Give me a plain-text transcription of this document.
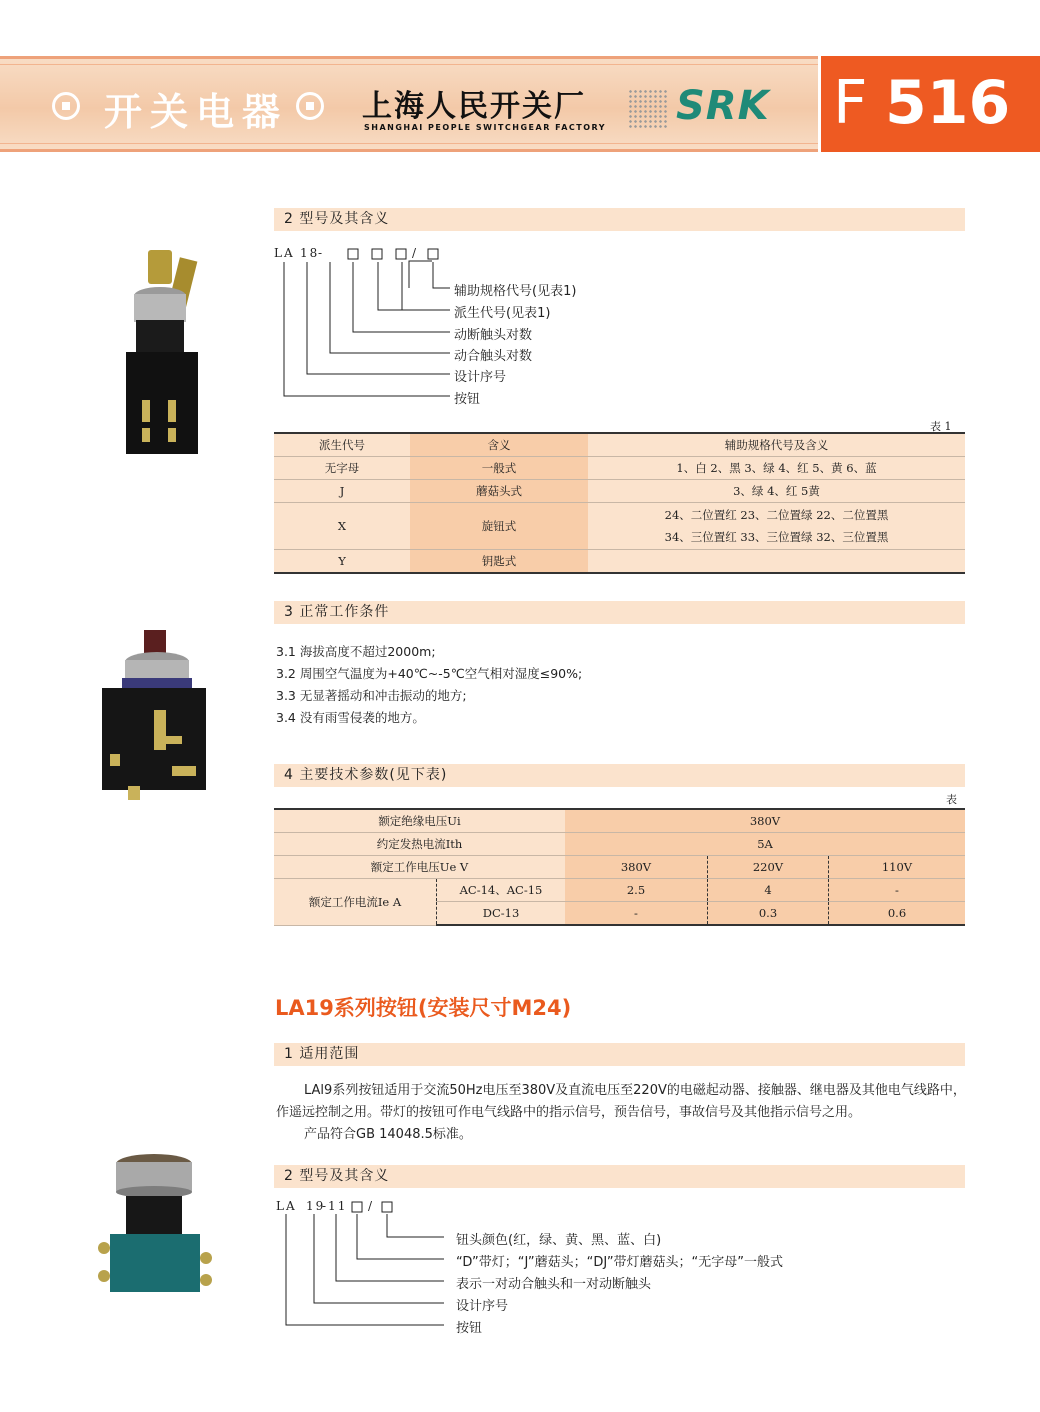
开关电器 上海人民开关厂
SHANGHAI PEOPLE SWITCHGEAR FACTORY SRK F 516
2 型号及其含义
LA 18
-	/
辅助规格代号(见表1)
派生代号(见表1)
动断触头对数
动合触头对数
设计序号
按钮
表 1
派生代号	含义	辅助规格代号及含义
无字母	一般式	1、白 2、黑 3、绿 4、红 5、黄 6、蓝
J	蘑菇头式	3、绿 4、红 5黄
X	旋钮式	24、二位置红 23、二位置绿 22、二位置黑
34、三位置红 33、三位置绿 32、三位置黑

Y	钥匙式	
3 正常工作条件
3.1 海拔高度不超过2000m;
3.2 周围空气温度为+40℃~-5℃空气相对湿度≤90%;
3.3 无显著摇动和冲击振动的地方;
3.4 没有雨雪侵袭的地方。
4 主要技术参数(见下表)
表
额定绝缘电压Ui		380V		
约定发热电流Ith		5A		
额定工作电压Ue V		380V	220V	110V
额定工作电流Ie A	AC-14、AC-15	2.5	4	-
	DC-13	-	0.3	0.6
LA19系列按钮(安装尺寸M24)
1 适用范围
LAl9系列按钮适用于交流50Hz电压至380V及直流电压至220V的电磁起动器、接触器、继电器及其他电气线路中，作遥远控制之用。带灯的按钮可作电气线路中的指示信号，预告信号，事故信号及其他指示信号之用。
产品符合GB 14048.5标准。
2 型号及其含义
LA 19
-11 /
钮头颜色(红，绿、黄、黑、蓝、白)
“D”带灯；“J”蘑菇头；“DJ”带灯蘑菇头；“无字母”一般式
表示一对动合触头和一对动断触头
设计序号
按钮
